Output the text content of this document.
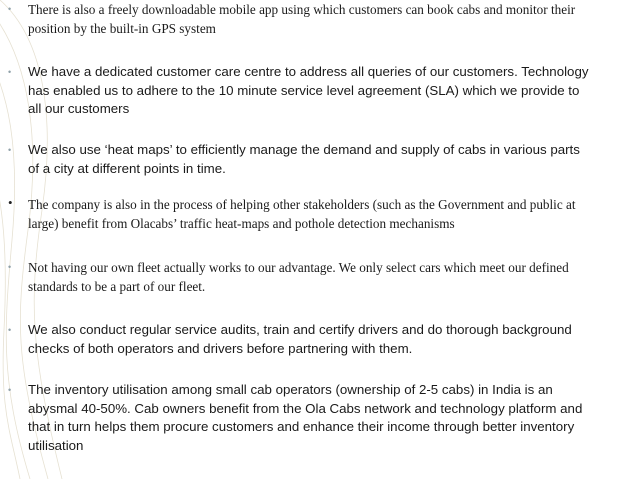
• There is also a freely downloadable mobile app using which customers can book cabs and monitor their
position by the built-in GPS system
• We have a dedicated customer care centre to address all queries of our customers. Technology
has enabled us to adhere to the 10 minute service level agreement (SLA) which we provide to
all our customers
• We also use ‘heat maps’ to efficiently manage the demand and supply of cabs in various parts
of a city at different points in time.
• The company is also in the process of helping other stakeholders (such as the Government and public at
large) benefit from Olacabs’ traffic heat-maps and pothole detection mechanisms
• Not having our own fleet actually works to our advantage. We only select cars which meet our defined
standards to be a part of our fleet.
• We also conduct regular service audits, train and certify drivers and do thorough background
checks of both operators and drivers before partnering with them.
• The inventory utilisation among small cab operators (ownership of 2-5 cabs) in India is an
abysmal 40-50%. Cab owners benefit from the Ola Cabs network and technology platform and
that in turn helps them procure customers and enhance their income through better inventory
utilisation
